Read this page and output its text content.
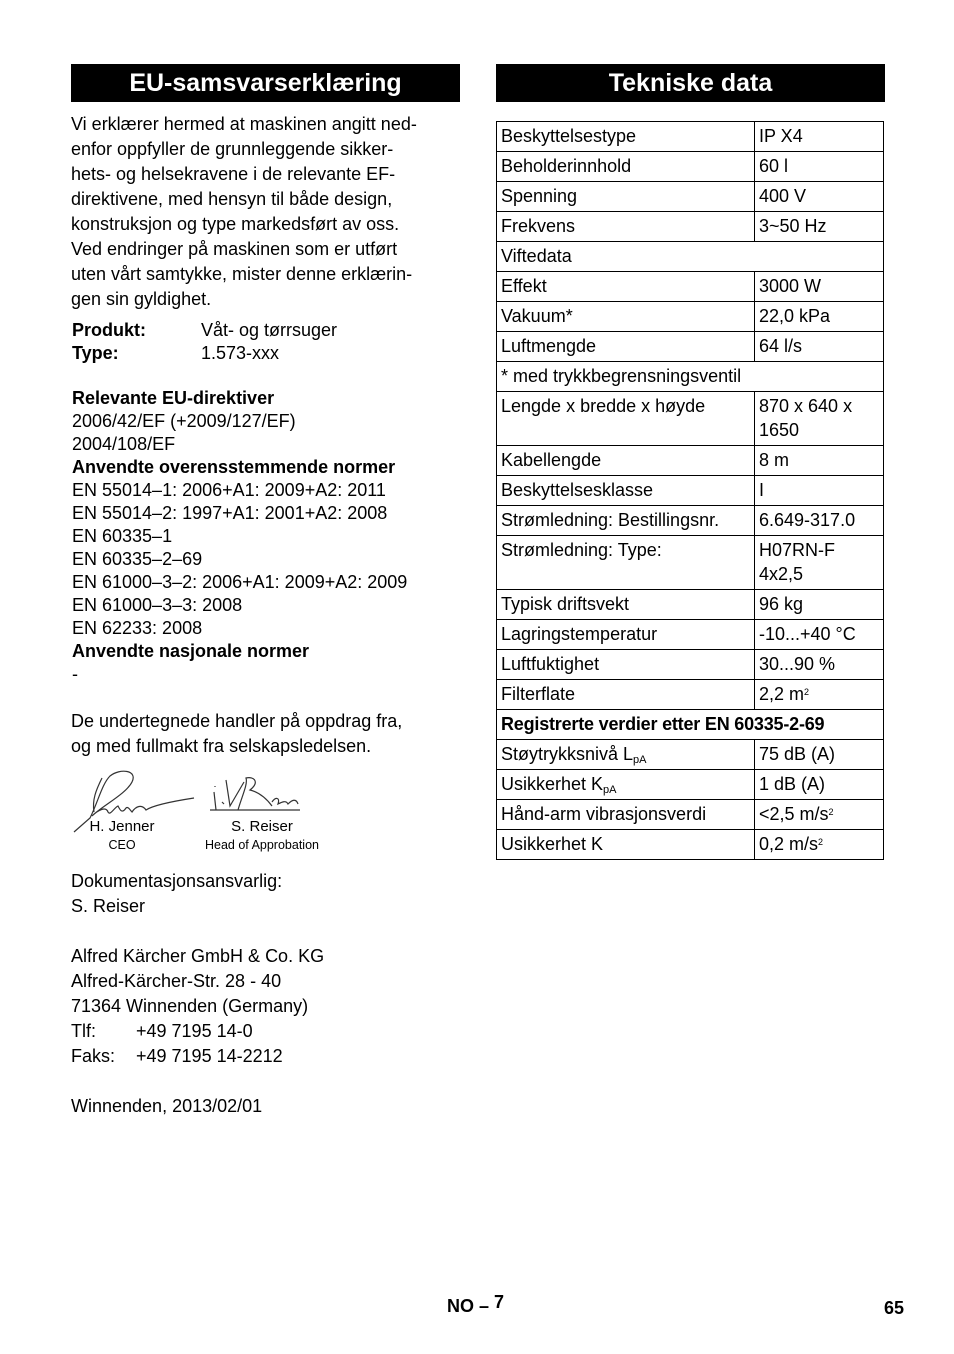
EU-samsvarserklæring
Vi erklærer hermed at maskinen angitt ned-
enfor oppfyller de grunnleggende sikker-
hets- og helsekravene i de relevante EF-
direktivene, med hensyn til både design,
konstruksjon og type markedsført av oss.
Ved endringer på maskinen som er utført
uten vårt samtykke, mister denne erklærin-
gen sin gyldighet.
Produkt:	Våt- og tørrsuger
Type:	1.573-xxx
Relevante EU-direktiver
2006/42/EF (+2009/127/EF)
2004/108/EF
Anvendte overensstemmende normer
EN 55014–1: 2006+A1: 2009+A2: 2011
EN 55014–2: 1997+A1: 2001+A2: 2008
EN 60335–1
EN 60335–2–69
EN 61000–3–2: 2006+A1: 2009+A2: 2009
EN 61000–3–3: 2008
EN 62233: 2008
Anvendte nasjonale normer
-
De undertegnede handler på oppdrag fra,
og med fullmakt fra selskapsledelsen.
H. Jenner
CEO
S. Reiser
Head of Approbation
Dokumentasjonsansvarlig:
S. Reiser
Alfred Kärcher GmbH & Co. KG
Alfred-Kärcher-Str. 28 - 40
71364 Winnenden (Germany)
Tlf:	+49 7195 14-0
Faks:	+49 7195 14-2212
Winnenden, 2013/02/01
Tekniske data
Beskyttelsestype	IP X4
Beholderinnhold	60 l
Spenning	400 V
Frekvens	3~50 Hz
Viftedata	
Effekt	3000 W
Vakuum*	22,0 kPa
Luftmengde	64 l/s
* med trykkbegrensningsventil	
Lengde x bredde x høyde	870 x 640 x
1650
Kabellengde	8 m
Beskyttelsesklasse	I
Strømledning: Bestillingsnr.	6.649-317.0
Strømledning: Type:	H07RN-F
4x2,5
Typisk driftsvekt	96 kg
Lagringstemperatur	-10...+40 °C
Luftfuktighet	30...90 %
Filterflate	2,2 $m^2$
Registrerte verdier etter EN 60335-2-69	
Støytrykksnivå $L_{pA}$	75 dB (A)
Usikkerhet $K_{pA}$	1 dB (A)
Hånd-arm vibrasjonsverdi	<2,5 $m/s^2$
Usikkerhet K	0,2 $m/s^2$
NO – 7	65
